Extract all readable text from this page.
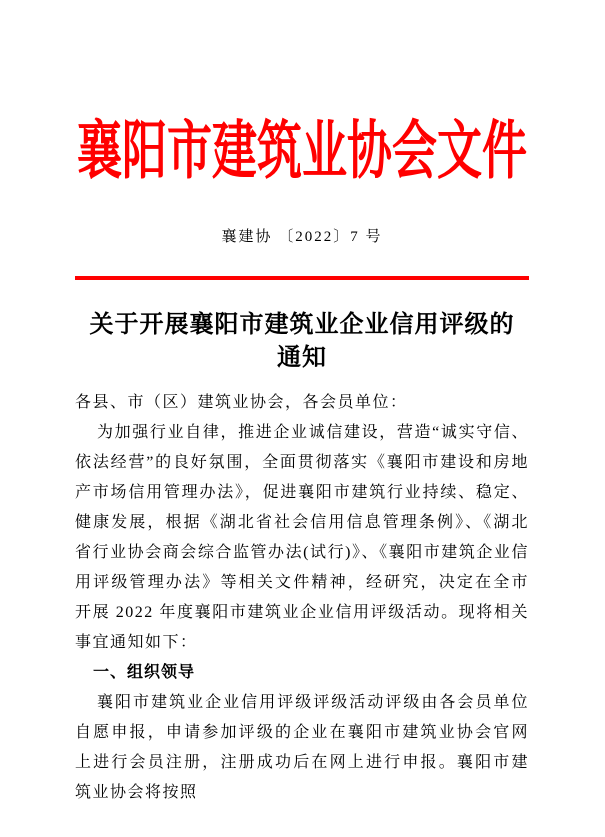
襄阳市建筑业协会文件
襄建协 〔2022〕7 号
关于开展襄阳市建筑业企业信用评级的
通知

各县、市（区）建筑业协会，各会员单位：

为加强行业自律，推进企业诚信建设，营造“诚实守信、依法经营”的良好氛围，全面贯彻落实《襄阳市建设和房地产市场信用管理办法》，促进襄阳市建筑行业持续、稳定、健康发展，根据《湖北省社会信用信息管理条例》、《湖北省行业协会商会综合监管办法(试行)》、《襄阳市建筑企业信用评级管理办法》等相关文件精神，经研究，决定在全市开展 2022 年度襄阳市建筑业企业信用评级活动。现将相关事宜通知如下：

一、组织领导

襄阳市建筑业企业信用评级评级活动评级由各会员单位自愿申报，申请参加评级的企业在襄阳市建筑业协会官网上进行会员注册，注册成功后在网上进行申报。襄阳市建筑业协会将按照
